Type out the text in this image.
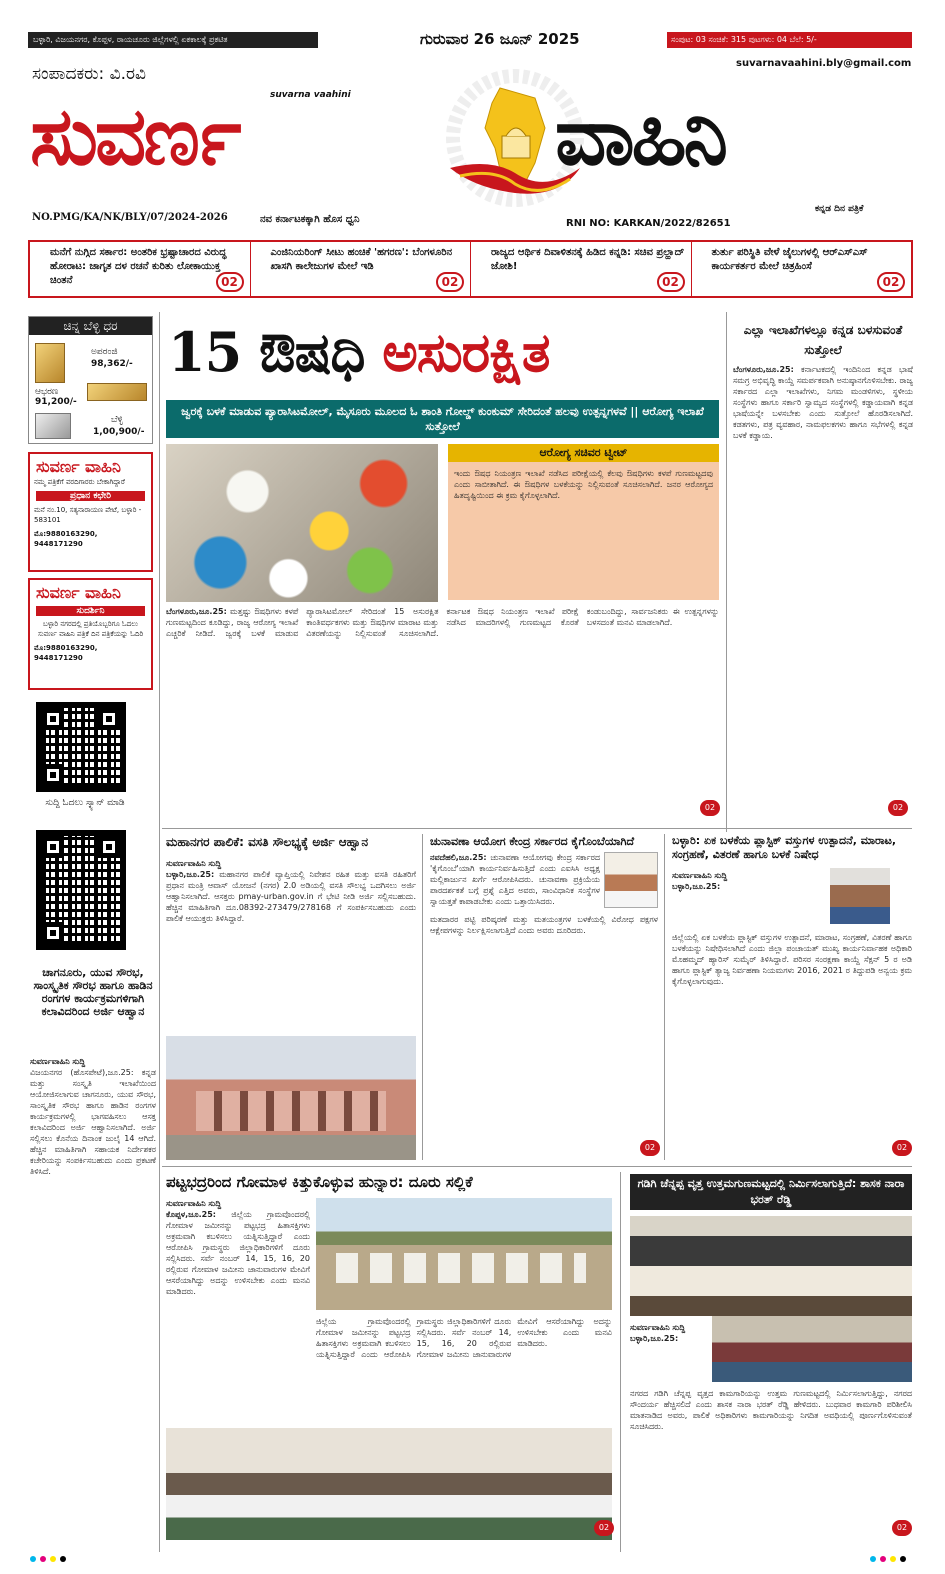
ಬಳ್ಳಾರಿ, ವಿಜಯನಗರ, ಕೊಪ್ಪಳ, ರಾಯಚೂರು ಜಿಲ್ಲೆಗಳಲ್ಲಿ ಏಕಕಾಲಕ್ಕೆ ಪ್ರಕಟಿತ	ಗುರುವಾರ 26 ಜೂನ್ 2025	ಸಂಪುಟ: 03 ಸಂಚಿಕೆ: 315 ಪುಟಗಳು: 04 ಬೆಲೆ: 5/-
ಸಂಪಾದಕರು: ವಿ.ರವಿ
suvarnavaahini.bly@gmail.com
suvarna vaahini
ಸುವರ್ಣ	ವಾಹಿನಿ
NO.PMG/KA/NK/BLY/07/2024-2026	ನವ ಕರ್ನಾಟಕಕ್ಕಾಗಿ ಹೊಸ ಧ್ವನಿ	RNI NO: KARKAN/2022/82651
ಕನ್ನಡ ದಿನ ಪತ್ರಿಕೆ
ಮನೆಗೆ ನುಗ್ಗಿದ ಸರ್ಕಾರ: ಅಂತರಿಕ ಭ್ರಷ್ಟಾಚಾರದ ವಿರುದ್ಧ ಹೋರಾಟ: ಜಾಗೃತ ದಳ ರಚನೆ ಕುರಿತು ಲೋಕಾಯುಕ್ತ ಚಿಂತನೆ	02
ಎಂಜಿನಿಯರಿಂಗ್ ಸೀಟು ಹಂಚಿಕೆ 'ಹಗರಣ': ಬೆಂಗಳೂರಿನ ಖಾಸಗಿ ಕಾಲೇಜುಗಳ ಮೇಲೆ ಇಡಿ
02
ರಾಜ್ಯದ ಆರ್ಥಿಕ ದಿವಾಳಿತನಕ್ಕೆ ಹಿಡಿದ ಕನ್ನಡಿ: ಸಚಿವ ಪ್ರಲ್ಹಾದ್ ಜೋಶಿ!
02
ತುರ್ತು ಪರಿಸ್ಥಿತಿ ವೇಳೆ ಜೈಲುಗಳಲ್ಲಿ ಆರ್‌ಎಸ್‌ಎಸ್ ಕಾರ್ಯಕರ್ತರ ಮೇಲೆ ಚಿತ್ರಹಿಂಸೆ
02
ಚಿನ್ನ ಬೆಳ್ಳಿ ಧರ
ಅಪರಂಜಿ
98,362/-
ಆಭರಣ
91,200/-
ಬೆಳ್ಳಿ
1,00,900/-
ಸುವರ್ಣ ವಾಹಿನಿ
ನಮ್ಮ ಪತ್ರಿಕೆಗೆ ವರದಿಗಾರರು ಬೇಕಾಗಿದ್ದಾರೆ
ಪ್ರಧಾನ ಕಛೇರಿ
ಮನೆ ನಂ.10, ಸತ್ಯನಾರಾಯಣ ಪೇಟೆ, ಬಳ್ಳಾರಿ - 583101
ಮೊ:9880163290, 9448171290
ಸುವರ್ಣ ವಾಹಿನಿ
ಸುದರ್ಶಿನಿ
ಬಳ್ಳಾರಿ ನಗರದಲ್ಲಿ ಪ್ರತಿಯೊಬ್ಬರಿಗೂ ಓದಲು ಸುವರ್ಣ ವಾಹಿನಿ ಪತ್ರಿಕೆ ದಿನ ಪತ್ರಿಕೆಯನ್ನು ಓದಿರಿ
ಮೊ:9880163290, 9448171290
ಸುದ್ದಿ ಓದಲು ಸ್ಕ್ಯಾನ್ ಮಾಡಿ
ಚಾಗನೂರು, ಯುವ ಸೌರಭ, ಸಾಂಸ್ಕೃತಿಕ ಸೌರಭ ಹಾಗೂ ಹಾಡಿನ ರಂಗಗಳ ಕಾರ್ಯಕ್ರಮಗಳಿಗಾಗಿ ಕಲಾವಿದರಿಂದ ಅರ್ಜಿ ಆಹ್ವಾನ
ಸುವರ್ಣವಾಹಿನಿ ಸುದ್ದಿ
ವಿಜಯನಗರ (ಹೊಸಪೇಟೆ),ಜೂ.25: ಕನ್ನಡ ಮತ್ತು ಸಂಸ್ಕೃತಿ ಇಲಾಖೆಯಿಂದ ಆಯೋಜಿಸಲಾಗುವ ಚಾಗನೂರು, ಯುವ ಸೌರಭ, ಸಾಂಸ್ಕೃತಿಕ ಸೌರಭ ಹಾಗೂ ಹಾಡಿನ ರಂಗಗಳ ಕಾರ್ಯಕ್ರಮಗಳಲ್ಲಿ ಭಾಗವಹಿಸಲು ಆಸಕ್ತ ಕಲಾವಿದರಿಂದ ಅರ್ಜಿ ಆಹ್ವಾನಿಸಲಾಗಿದೆ. ಅರ್ಜಿ ಸಲ್ಲಿಸಲು ಕೊನೆಯ ದಿನಾಂಕ ಜುಲೈ 14 ಆಗಿದೆ. ಹೆಚ್ಚಿನ ಮಾಹಿತಿಗಾಗಿ ಸಹಾಯಕ ನಿರ್ದೇಶಕರ ಕಚೇರಿಯನ್ನು ಸಂಪರ್ಕಿಸಬಹುದು ಎಂದು ಪ್ರಕಟಣೆ ತಿಳಿಸಿದೆ.
15 ಔಷಧಿ ಅಸುರಕ್ಷಿತ
ಜ್ವರಕ್ಕೆ ಬಳಕೆ ಮಾಡುವ ಪ್ಯಾರಾಸಿಟಮೋಲ್, ಮೈಸೂರು ಮೂಲದ ಓ ಶಾಂತಿ ಗೋಲ್ಡ್ ಕುಂಕುಮ್ ಸೇರಿದಂತೆ ಹಲವು ಉತ್ಪನ್ನಗಳವೆ || ಆರೋಗ್ಯ ಇಲಾಖೆ ಸುತ್ತೋಲೆ
ಆರೋಗ್ಯ ಸಚಿವರ ಟ್ವೀಟ್
ಇಂದು ಔಷಧ ನಿಯಂತ್ರಣ ಇಲಾಖೆ ನಡೆಸಿದ ಪರೀಕ್ಷೆಯಲ್ಲಿ ಕೆಲವು ಔಷಧಿಗಳು ಕಳಪೆ ಗುಣಮಟ್ಟದವು ಎಂದು ಸಾಬೀತಾಗಿದೆ. ಈ ಔಷಧಿಗಳ ಬಳಕೆಯನ್ನು ನಿಲ್ಲಿಸುವಂತೆ ಸೂಚಿಸಲಾಗಿದೆ. ಜನರ ಆರೋಗ್ಯದ ಹಿತದೃಷ್ಟಿಯಿಂದ ಈ ಕ್ರಮ ಕೈಗೊಳ್ಳಲಾಗಿದೆ.
ಬೆಂಗಳೂರು,ಜೂ.25: ಮತ್ತಷ್ಟು ಔಷಧಿಗಳು ಕಳಪೆ ಗುಣಮಟ್ಟದಿಂದ ಕೂಡಿದ್ದು, ರಾಜ್ಯ ಆರೋಗ್ಯ ಇಲಾಖೆ ಎಚ್ಚರಿಕೆ ನೀಡಿದೆ. ಜ್ವರಕ್ಕೆ ಬಳಕೆ ಮಾಡುವ ಪ್ಯಾರಾಸಿಟಮೋಲ್ ಸೇರಿದಂತೆ 15 ಅಸುರಕ್ಷಿತ ಕಾಂತಿವರ್ಧಕಗಳು ಮತ್ತು ಔಷಧಿಗಳ ಮಾರಾಟ ಮತ್ತು ವಿತರಣೆಯನ್ನು ನಿಲ್ಲಿಸುವಂತೆ ಸೂಚಿಸಲಾಗಿದೆ. ಕರ್ನಾಟಕ ಔಷಧ ನಿಯಂತ್ರಣ ಇಲಾಖೆ ಪರೀಕ್ಷೆ ನಡೆಸಿದ ಮಾದರಿಗಳಲ್ಲಿ ಗುಣಮಟ್ಟದ ಕೊರತೆ ಕಂಡುಬಂದಿದ್ದು, ಸಾರ್ವಜನಿಕರು ಈ ಉತ್ಪನ್ನಗಳನ್ನು ಬಳಸದಂತೆ ಮನವಿ ಮಾಡಲಾಗಿದೆ.
02
ಎಲ್ಲಾ ಇಲಾಖೆಗಳಲ್ಲೂ ಕನ್ನಡ ಬಳಸುವಂತೆ ಸುತ್ತೋಲೆ
ಬೆಂಗಳೂರು,ಜೂ.25: ಕರ್ನಾಟಕದಲ್ಲಿ ಇಂದಿನಿಂದ ಕನ್ನಡ ಭಾಷೆ ಸಮಗ್ರ ಅಭಿವೃದ್ಧಿ ಕಾಯ್ದೆ ಸಮರ್ಪಕವಾಗಿ ಅನುಷ್ಠಾನಗೊಳಿಸಬೇಕು. ರಾಜ್ಯ ಸರ್ಕಾರದ ಎಲ್ಲಾ ಇಲಾಖೆಗಳು, ನಿಗಮ ಮಂಡಳಿಗಳು, ಸ್ಥಳೀಯ ಸಂಸ್ಥೆಗಳು ಹಾಗೂ ಸರ್ಕಾರಿ ಸ್ವಾಮ್ಯದ ಸಂಸ್ಥೆಗಳಲ್ಲಿ ಕಡ್ಡಾಯವಾಗಿ ಕನ್ನಡ ಭಾಷೆಯನ್ನೇ ಬಳಸಬೇಕು ಎಂದು ಸುತ್ತೋಲೆ ಹೊರಡಿಸಲಾಗಿದೆ. ಕಡತಗಳು, ಪತ್ರ ವ್ಯವಹಾರ, ನಾಮಫಲಕಗಳು ಹಾಗೂ ಸಭೆಗಳಲ್ಲಿ ಕನ್ನಡ ಬಳಕೆ ಕಡ್ಡಾಯ.
02
ಮಹಾನಗರ ಪಾಲಿಕೆ: ವಸತಿ ಸೌಲಭ್ಯಕ್ಕೆ ಅರ್ಜಿ ಆಹ್ವಾನ
ಸುವರ್ಣವಾಹಿನಿ ಸುದ್ದಿ
ಬಳ್ಳಾರಿ,ಜೂ.25: ಮಹಾನಗರ ಪಾಲಿಕೆ ವ್ಯಾಪ್ತಿಯಲ್ಲಿ ನಿವೇಶನ ರಹಿತ ಮತ್ತು ವಸತಿ ರಹಿತರಿಗೆ ಪ್ರಧಾನ ಮಂತ್ರಿ ಆವಾಸ್ ಯೋಜನೆ (ನಗರ) 2.0 ಅಡಿಯಲ್ಲಿ ವಸತಿ ಸೌಲಭ್ಯ ಒದಗಿಸಲು ಅರ್ಜಿ ಆಹ್ವಾನಿಸಲಾಗಿದೆ. ಆಸಕ್ತರು pmay-urban.gov.in ಗೆ ಭೇಟಿ ನೀಡಿ ಅರ್ಜಿ ಸಲ್ಲಿಸಬಹುದು. ಹೆಚ್ಚಿನ ಮಾಹಿತಿಗಾಗಿ ದೂ.08392-273479/278168 ಗೆ ಸಂಪರ್ಕಿಸಬಹುದು ಎಂದು ಪಾಲಿಕೆ ಆಯುಕ್ತರು ತಿಳಿಸಿದ್ದಾರೆ.
ಚುನಾವಣಾ ಆಯೋಗ ಕೇಂದ್ರ ಸರ್ಕಾರದ ಕೈಗೊಂಬೆಯಾಗಿದೆ
ನವದೆಹಲಿ,ಜೂ.25: ಚುನಾವಣಾ ಆಯೋಗವು ಕೇಂದ್ರ ಸರ್ಕಾರದ 'ಕೈಗೊಂಬೆ'ಯಾಗಿ ಕಾರ್ಯನಿರ್ವಹಿಸುತ್ತಿದೆ ಎಂದು ಎಐಸಿಸಿ ಅಧ್ಯಕ್ಷ ಮಲ್ಲಿಕಾರ್ಜುನ ಖರ್ಗೆ ಆರೋಪಿಸಿದರು. ಚುನಾವಣಾ ಪ್ರಕ್ರಿಯೆಯ ಪಾರದರ್ಶಕತೆ ಬಗ್ಗೆ ಪ್ರಶ್ನೆ ಎತ್ತಿದ ಅವರು, ಸಾಂವಿಧಾನಿಕ ಸಂಸ್ಥೆಗಳ ಸ್ವಾಯತ್ತತೆ ಕಾಪಾಡಬೇಕು ಎಂದು ಒತ್ತಾಯಿಸಿದರು.
ಮತದಾರರ ಪಟ್ಟಿ ಪರಿಷ್ಕರಣೆ ಮತ್ತು ಮತಯಂತ್ರಗಳ ಬಳಕೆಯಲ್ಲಿ ವಿರೋಧ ಪಕ್ಷಗಳ ಆಕ್ಷೇಪಗಳನ್ನು ನಿರ್ಲಕ್ಷಿಸಲಾಗುತ್ತಿದೆ ಎಂದು ಅವರು ದೂರಿದರು.
02
ಬಳ್ಳಾರಿ: ಏಕ ಬಳಕೆಯ ಪ್ಲಾಸ್ಟಿಕ್ ವಸ್ತುಗಳ ಉತ್ಪಾದನೆ, ಮಾರಾಟ, ಸಂಗ್ರಹಣೆ, ವಿತರಣೆ ಹಾಗೂ ಬಳಕೆ ನಿಷೇಧ
ಸುವರ್ಣವಾಹಿನಿ ಸುದ್ದಿ
ಬಳ್ಳಾರಿ,ಜೂ.25:
ಜಿಲ್ಲೆಯಲ್ಲಿ ಏಕ ಬಳಕೆಯ ಪ್ಲಾಸ್ಟಿಕ್ ವಸ್ತುಗಳ ಉತ್ಪಾದನೆ, ಮಾರಾಟ, ಸಂಗ್ರಹಣೆ, ವಿತರಣೆ ಹಾಗೂ ಬಳಕೆಯನ್ನು ನಿಷೇಧಿಸಲಾಗಿದೆ ಎಂದು ಜಿಲ್ಲಾ ಪಂಚಾಯತ್ ಮುಖ್ಯ ಕಾರ್ಯನಿರ್ವಾಹಕ ಅಧಿಕಾರಿ ಮೊಹಮ್ಮದ್ ಹ್ಯಾರಿಸ್ ಸುಮೈರ್ ತಿಳಿಸಿದ್ದಾರೆ. ಪರಿಸರ ಸಂರಕ್ಷಣಾ ಕಾಯ್ದೆ ಸೆಕ್ಷನ್ 5 ರ ಅಡಿ ಹಾಗೂ ಪ್ಲಾಸ್ಟಿಕ್ ತ್ಯಾಜ್ಯ ನಿರ್ವಹಣಾ ನಿಯಮಗಳು 2016, 2021 ರ ತಿದ್ದುಪಡಿ ಅನ್ವಯ ಕ್ರಮ ಕೈಗೊಳ್ಳಲಾಗುವುದು.
02
ಪಟ್ಟಭದ್ರರಿಂದ ಗೋಮಾಳ ಕಿತ್ತುಕೊಳ್ಳುವ ಹುನ್ನಾರ: ದೂರು ಸಲ್ಲಿಕೆ
ಸುವರ್ಣವಾಹಿನಿ ಸುದ್ದಿ
ಕೊಪ್ಪಳ,ಜೂ.25: ಜಿಲ್ಲೆಯ ಗ್ರಾಮವೊಂದರಲ್ಲಿ ಗೋಮಾಳ ಜಮೀನನ್ನು ಪಟ್ಟಭದ್ರ ಹಿತಾಸಕ್ತಿಗಳು ಅಕ್ರಮವಾಗಿ ಕಬಳಿಸಲು ಯತ್ನಿಸುತ್ತಿದ್ದಾರೆ ಎಂದು ಆರೋಪಿಸಿ ಗ್ರಾಮಸ್ಥರು ಜಿಲ್ಲಾಧಿಕಾರಿಗಳಿಗೆ ದೂರು ಸಲ್ಲಿಸಿದರು. ಸರ್ವೆ ನಂಬರ್ 14, 15, 16, 20 ರಲ್ಲಿರುವ ಗೋಮಾಳ ಜಮೀನು ಜಾನುವಾರುಗಳ ಮೇವಿಗೆ ಆಸರೆಯಾಗಿದ್ದು ಅದನ್ನು ಉಳಿಸಬೇಕು ಎಂದು ಮನವಿ ಮಾಡಿದರು.
ಜಿಲ್ಲೆಯ ಗ್ರಾಮವೊಂದರಲ್ಲಿ ಗೋಮಾಳ ಜಮೀನನ್ನು ಪಟ್ಟಭದ್ರ ಹಿತಾಸಕ್ತಿಗಳು ಅಕ್ರಮವಾಗಿ ಕಬಳಿಸಲು ಯತ್ನಿಸುತ್ತಿದ್ದಾರೆ ಎಂದು ಆರೋಪಿಸಿ ಗ್ರಾಮಸ್ಥರು ಜಿಲ್ಲಾಧಿಕಾರಿಗಳಿಗೆ ದೂರು ಸಲ್ಲಿಸಿದರು. ಸರ್ವೆ ನಂಬರ್ 14, 15, 16, 20 ರಲ್ಲಿರುವ ಗೋಮಾಳ ಜಮೀನು ಜಾನುವಾರುಗಳ ಮೇವಿಗೆ ಆಸರೆಯಾಗಿದ್ದು ಅದನ್ನು ಉಳಿಸಬೇಕು ಎಂದು ಮನವಿ ಮಾಡಿದರು.
02
ಗಡಿಗಿ ಚೆನ್ನಪ್ಪ ವೃತ್ತ ಉತ್ತಮಗುಣಮಟ್ಟದಲ್ಲಿ ನಿರ್ಮಿಸಲಾಗುತ್ತಿದೆ: ಶಾಸಕ ನಾರಾ ಭರತ್ ರೆಡ್ಡಿ
ಸುವರ್ಣವಾಹಿನಿ ಸುದ್ದಿ
ಬಳ್ಳಾರಿ,ಜೂ.25:
ನಗರದ ಗಡಿಗಿ ಚೆನ್ನಪ್ಪ ವೃತ್ತದ ಕಾಮಗಾರಿಯನ್ನು ಉತ್ತಮ ಗುಣಮಟ್ಟದಲ್ಲಿ ನಿರ್ಮಿಸಲಾಗುತ್ತಿದ್ದು, ನಗರದ ಸೌಂದರ್ಯ ಹೆಚ್ಚಿಸಲಿದೆ ಎಂದು ಶಾಸಕ ನಾರಾ ಭರತ್ ರೆಡ್ಡಿ ಹೇಳಿದರು. ಬುಧವಾರ ಕಾಮಗಾರಿ ಪರಿಶೀಲಿಸಿ ಮಾತನಾಡಿದ ಅವರು, ಪಾಲಿಕೆ ಅಧಿಕಾರಿಗಳು ಕಾಮಗಾರಿಯನ್ನು ನಿಗದಿತ ಅವಧಿಯಲ್ಲಿ ಪೂರ್ಣಗೊಳಿಸುವಂತೆ ಸೂಚಿಸಿದರು.
02
